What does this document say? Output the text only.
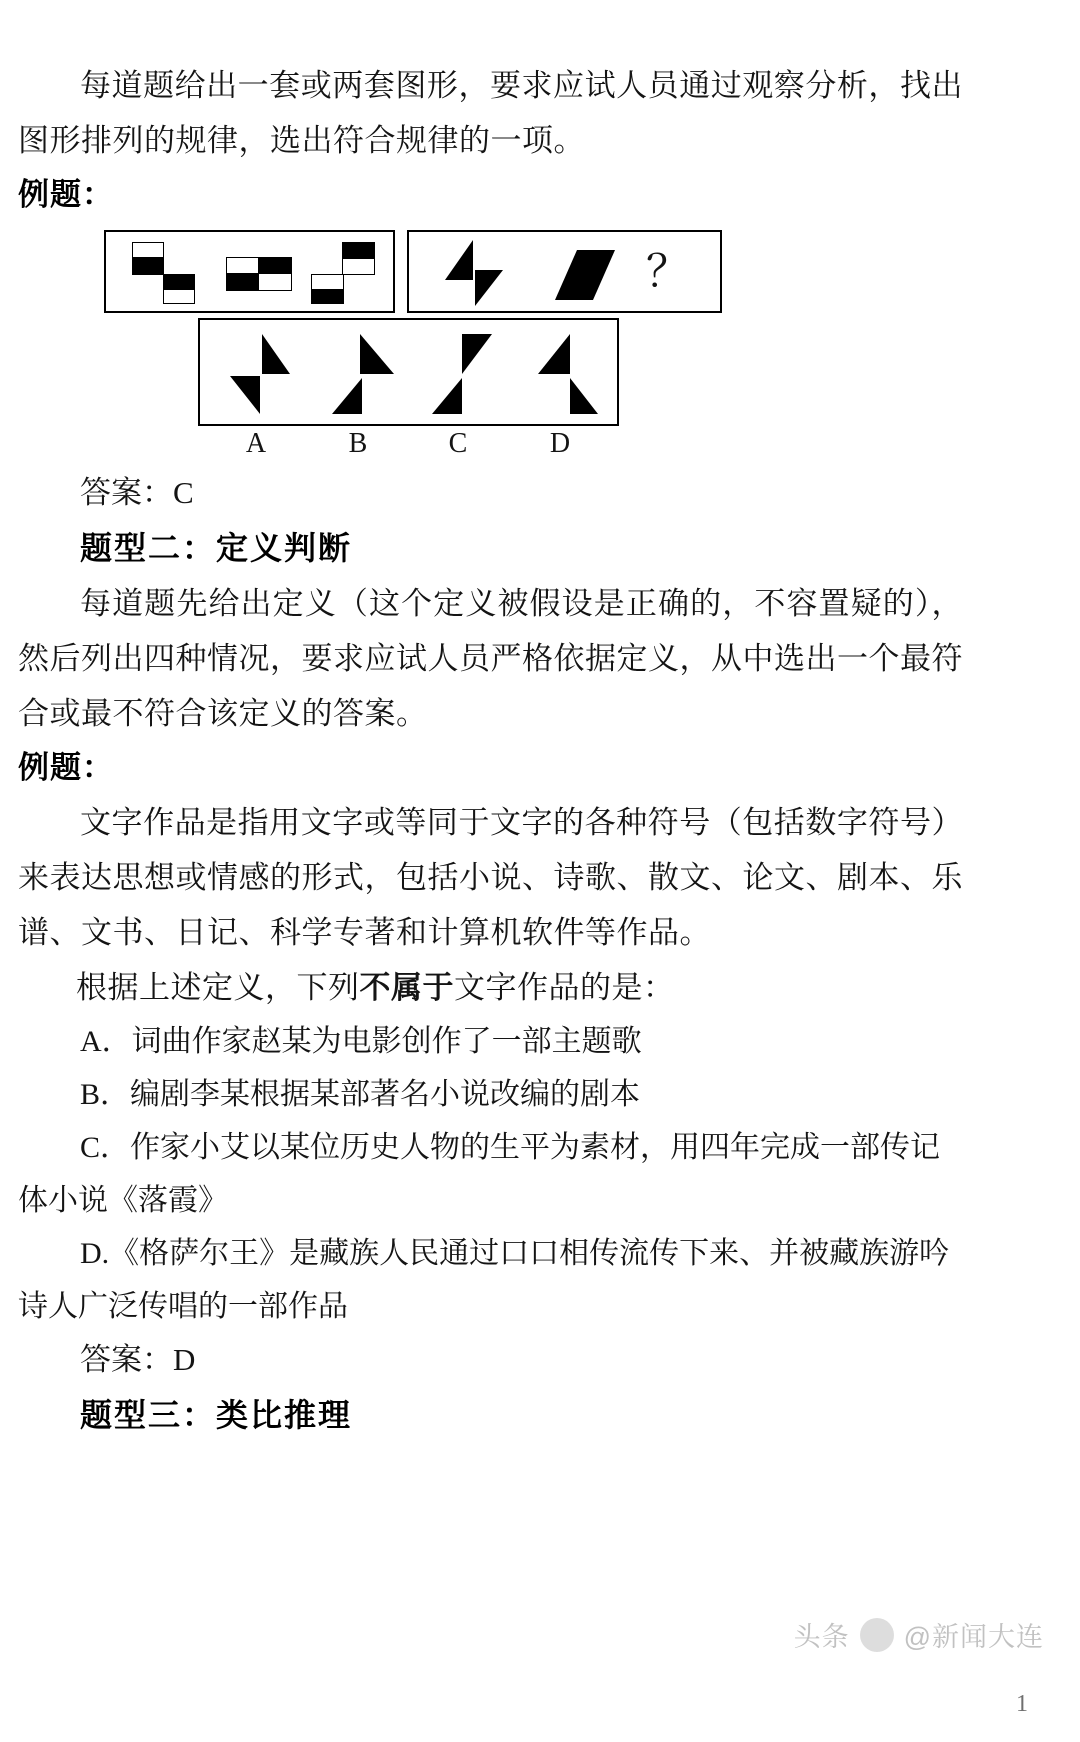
每道题给出一套或两套图形，要求应试人员通过观察分析，找出图形排列的规律，选出符合规律的一项。
例题：
？
A	B	C	D
答案：C
题型二：定义判断
每道题先给出定义（这个定义被假设是正确的，不容置疑的），然后列出四种情况，要求应试人员严格依据定义，从中选出一个最符合或最不符合该定义的答案。
例题：
文字作品是指用文字或等同于文字的各种符号（包括数字符号）来表达思想或情感的形式，包括小说、诗歌、散文、论文、剧本、乐谱、文书、日记、科学专著和计算机软件等作品。
根据上述定义，下列不属于文字作品的是：
A．词曲作家赵某为电影创作了一部主题歌
B．编剧李某根据某部著名小说改编的剧本
C．作家小艾以某位历史人物的生平为素材，用四年完成一部传记体小说《落霞》
D.《格萨尔王》是藏族人民通过口口相传流传下来、并被藏族游吟诗人广泛传唱的一部作品
答案：D
题型三：类比推理
头条 @新闻大连
1
